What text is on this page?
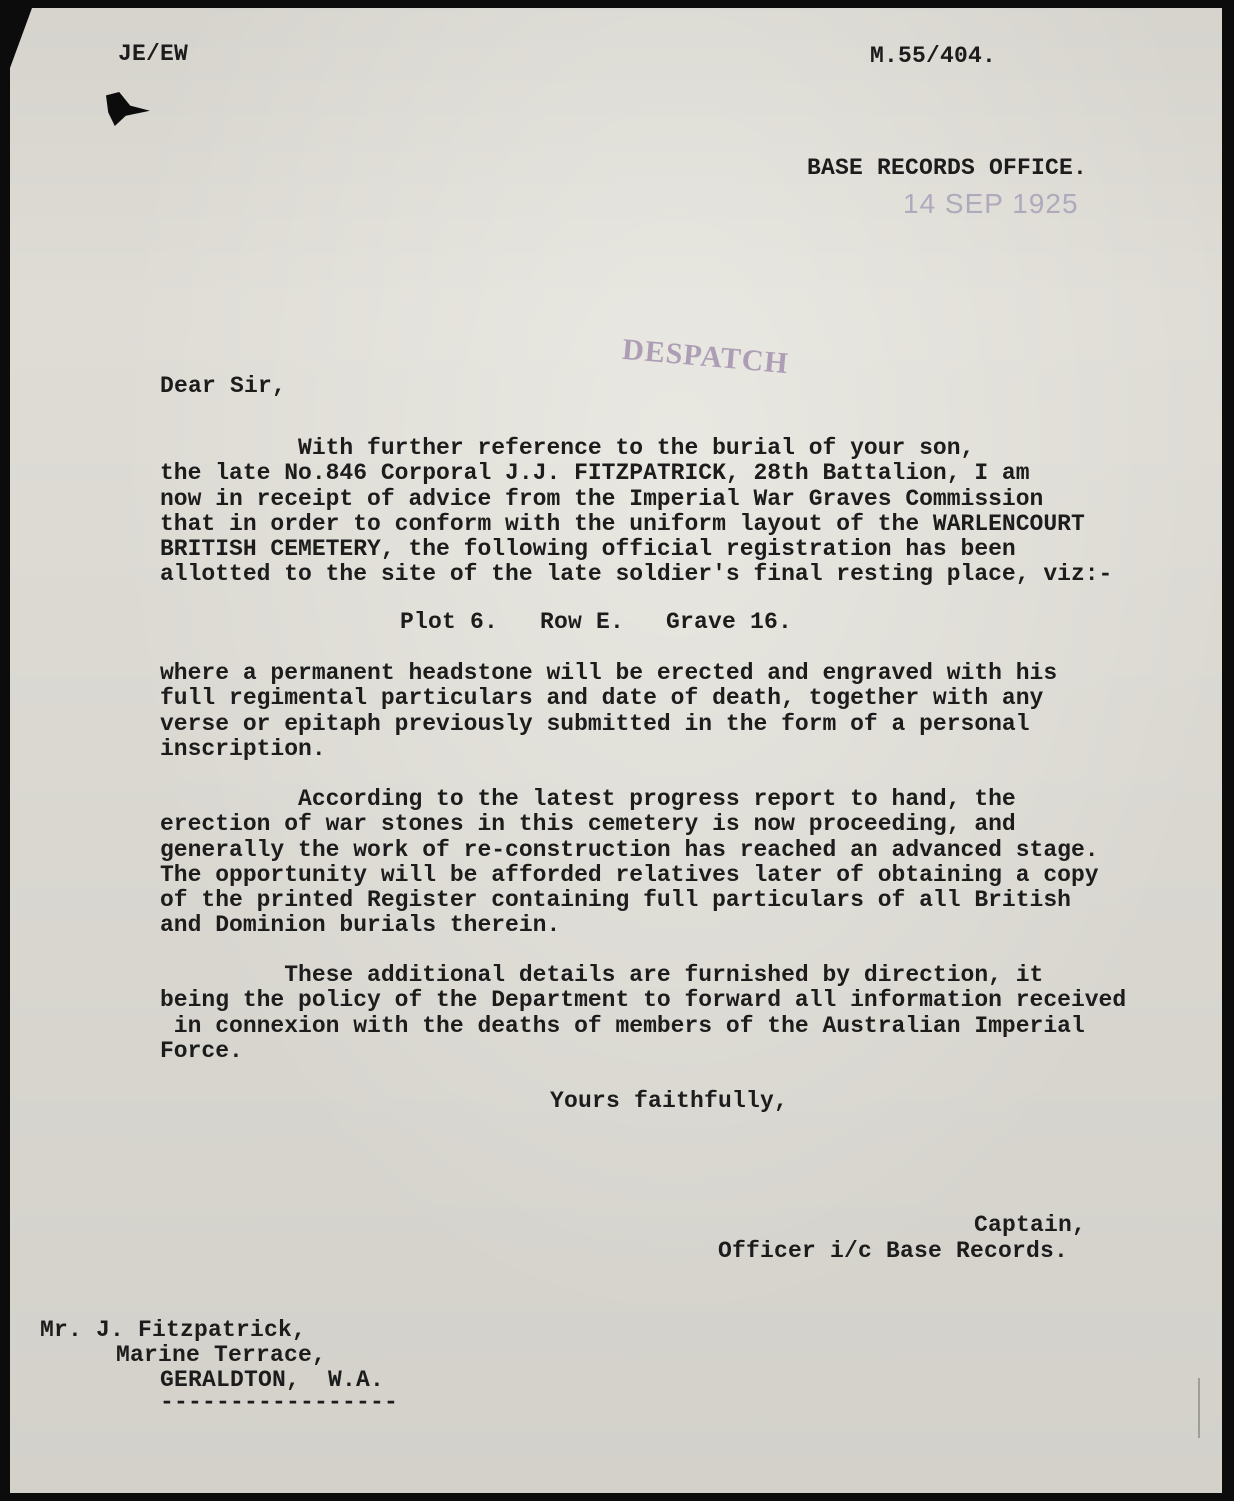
JE/EW	M.55/404.
BASE RECORDS OFFICE.
14 SEP 1925
DESPATCH
Dear Sir,
With further reference to the burial of your son,
the late No.846 Corporal J.J. FITZPATRICK, 28th Battalion, I am
now in receipt of advice from the Imperial War Graves Commission
that in order to conform with the uniform layout of the WARLENCOURT
BRITISH CEMETERY, the following official registration has been
allotted to the site of the late soldier's final resting place, viz:-
Plot 6.   Row E.   Grave 16.
where a permanent headstone will be erected and engraved with his
full regimental particulars and date of death, together with any
verse or epitaph previously submitted in the form of a personal
inscription.
According to the latest progress report to hand, the
erection of war stones in this cemetery is now proceeding, and
generally the work of re-construction has reached an advanced stage.
The opportunity will be afforded relatives later of obtaining a copy
of the printed Register containing full particulars of all British
and Dominion burials therein.
These additional details are furnished by direction, it
being the policy of the Department to forward all information received
in connexion with the deaths of members of the Australian Imperial
Force.
Yours faithfully,
Captain,
Officer i/c Base Records.
Mr. J. Fitzpatrick,
Marine Terrace,
GERALDTON,  W.A.
-----------------
